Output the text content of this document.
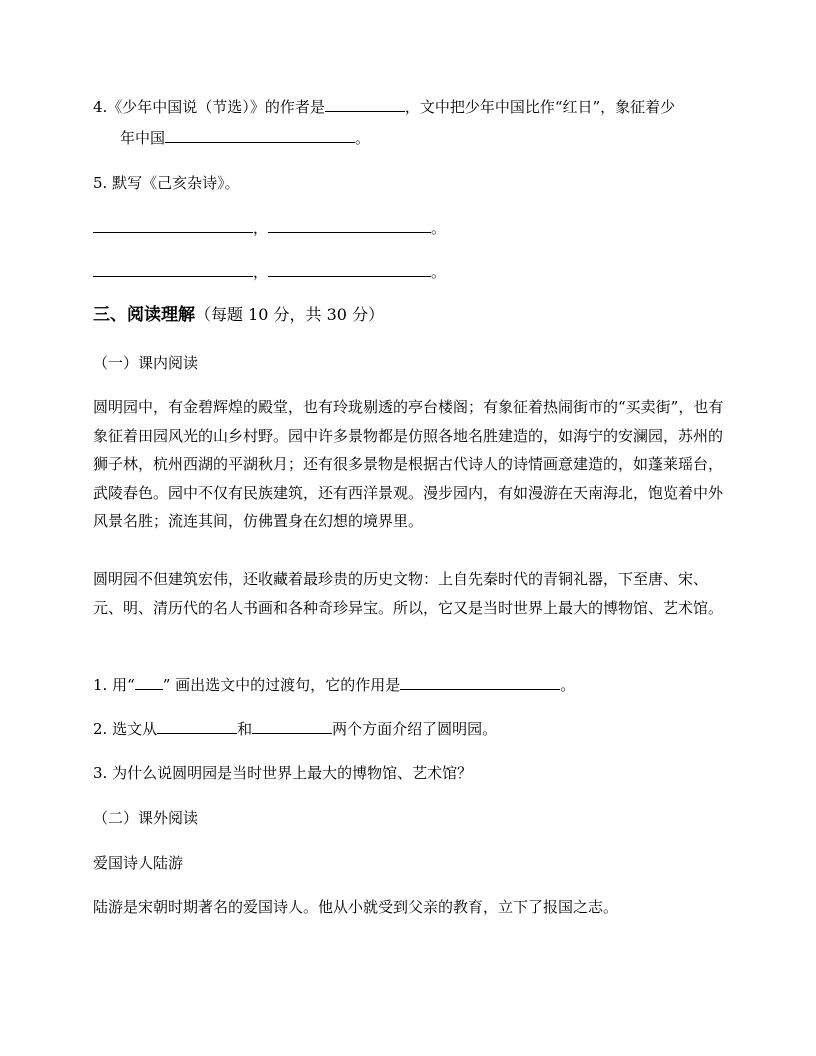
4.《少年中国说（节选）》的作者是	，文中把少年中国比作“红日”，象征着少
年中国	。
5. 默写《己亥杂诗》。
，	。
，	。
三、阅读理解（每题 10 分，共 30 分）
（一）课内阅读
圆明园中，有金碧辉煌的殿堂，也有玲珑剔透的亭台楼阁；有象征着热闹街市的“买卖街”，也有象征着田园风光的山乡村野。园中许多景物都是仿照各地名胜建造的，如海宁的安澜园，苏州的狮子林，杭州西湖的平湖秋月；还有很多景物是根据古代诗人的诗情画意建造的，如蓬莱瑶台，武陵春色。园中不仅有民族建筑，还有西洋景观。漫步园内，有如漫游在天南海北，饱览着中外风景名胜；流连其间，仿佛置身在幻想的境界里。
圆明园不但建筑宏伟，还收藏着最珍贵的历史文物：上自先秦时代的青铜礼器，下至唐、宋、元、明、清历代的名人书画和各种奇珍异宝。所以，它又是当时世界上最大的博物馆、艺术馆。
1. 用“ ” 画出选文中的过渡句，它的作用是	。
2. 选文从	和	两个方面介绍了圆明园。
3. 为什么说圆明园是当时世界上最大的博物馆、艺术馆？
（二）课外阅读
爱国诗人陆游
陆游是宋朝时期著名的爱国诗人。他从小就受到父亲的教育，立下了报国之志。
